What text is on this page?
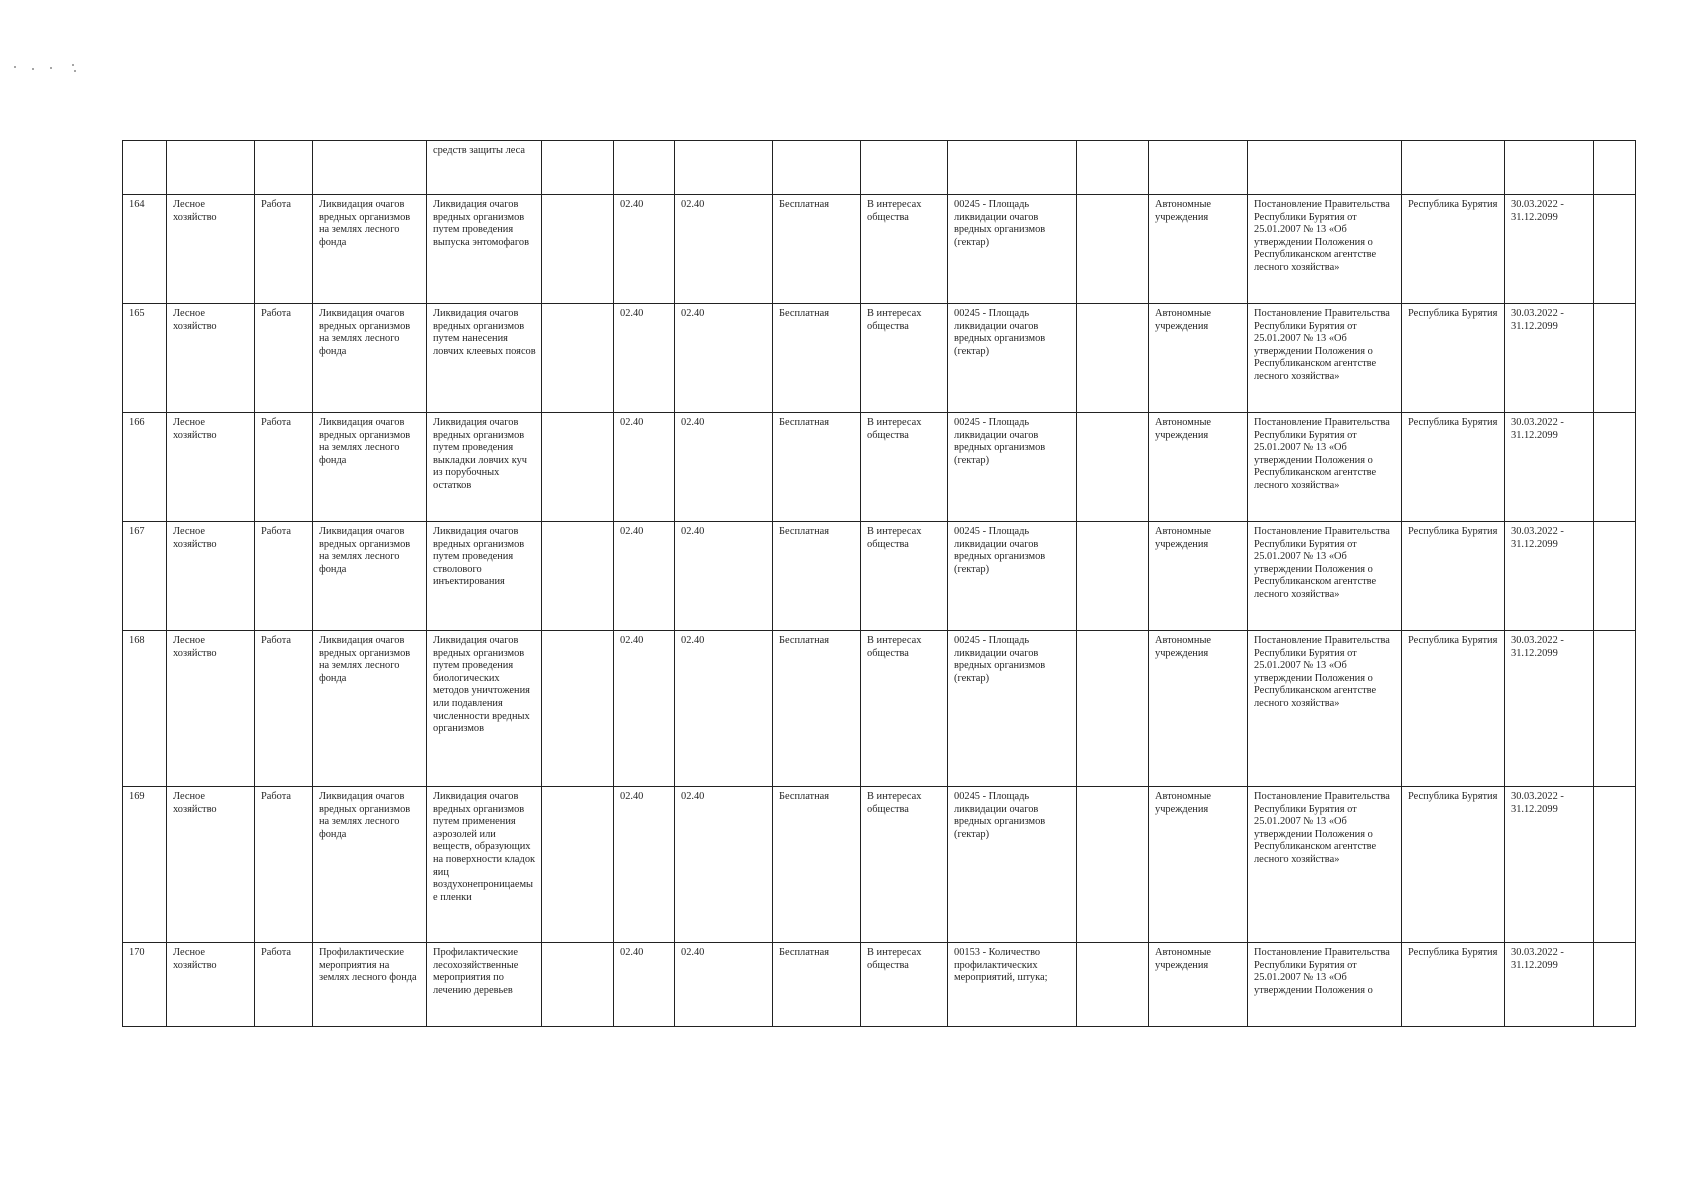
				средств защиты леса												
164	Лесное хозяйство	Работа	Ликвидация очагов вредных организмов на землях лесного фонда	Ликвидация очагов вредных организмов путем проведения выпуска энтомофагов		02.40	02.40	Бесплатная	В интересах общества	00245 - Площадь ликвидации очагов вредных организмов (гектар)		Автономные учреждения	Постановление Правительства Республики Бурятия от 25.01.2007 № 13 «Об утверждении Положения о Республиканском агентстве лесного хозяйства»	Республика Бурятия	30.03.2022 - 31.12.2099	
165	Лесное хозяйство	Работа	Ликвидация очагов вредных организмов на землях лесного фонда	Ликвидация очагов вредных организмов путем нанесения ловчих клеевых поясов		02.40	02.40	Бесплатная	В интересах общества	00245 - Площадь ликвидации очагов вредных организмов (гектар)		Автономные учреждения	Постановление Правительства Республики Бурятия от 25.01.2007 № 13 «Об утверждении Положения о Республиканском агентстве лесного хозяйства»	Республика Бурятия	30.03.2022 - 31.12.2099	
166	Лесное хозяйство	Работа	Ликвидация очагов вредных организмов на землях лесного фонда	Ликвидация очагов вредных организмов путем проведения выкладки ловчих куч из порубочных остатков		02.40	02.40	Бесплатная	В интересах общества	00245 - Площадь ликвидации очагов вредных организмов (гектар)		Автономные учреждения	Постановление Правительства Республики Бурятия от 25.01.2007 № 13 «Об утверждении Положения о Республиканском агентстве лесного хозяйства»	Республика Бурятия	30.03.2022 - 31.12.2099	
167	Лесное хозяйство	Работа	Ликвидация очагов вредных организмов на землях лесного фонда	Ликвидация очагов вредных организмов путем проведения стволового инъектирования		02.40	02.40	Бесплатная	В интересах общества	00245 - Площадь ликвидации очагов вредных организмов (гектар)		Автономные учреждения	Постановление Правительства Республики Бурятия от 25.01.2007 № 13 «Об утверждении Положения о Республиканском агентстве лесного хозяйства»	Республика Бурятия	30.03.2022 - 31.12.2099	
168	Лесное хозяйство	Работа	Ликвидация очагов вредных организмов на землях лесного фонда	Ликвидация очагов вредных организмов путем проведения биологических методов уничтожения или подавления численности вредных организмов		02.40	02.40	Бесплатная	В интересах общества	00245 - Площадь ликвидации очагов вредных организмов (гектар)		Автономные учреждения	Постановление Правительства Республики Бурятия от 25.01.2007 № 13 «Об утверждении Положения о Республиканском агентстве лесного хозяйства»	Республика Бурятия	30.03.2022 - 31.12.2099	
169	Лесное хозяйство	Работа	Ликвидация очагов вредных организмов на землях лесного фонда	Ликвидация очагов вредных организмов путем применения аэрозолей или веществ, образующих на поверхности кладок яиц воздухонепроницаемые пленки		02.40	02.40	Бесплатная	В интересах общества	00245 - Площадь ликвидации очагов вредных организмов (гектар)		Автономные учреждения	Постановление Правительства Республики Бурятия от 25.01.2007 № 13 «Об утверждении Положения о Республиканском агентстве лесного хозяйства»	Республика Бурятия	30.03.2022 - 31.12.2099	
170	Лесное хозяйство	Работа	Профилактические мероприятия на землях лесного фонда	Профилактические лесохозяйственные мероприятия по лечению деревьев		02.40	02.40	Бесплатная	В интересах общества	00153 - Количество профилактических мероприятий, штука;		Автономные учреждения	Постановление Правительства Республики Бурятия от 25.01.2007 № 13 «Об утверждении Положения о	Республика Бурятия	30.03.2022 - 31.12.2099	
